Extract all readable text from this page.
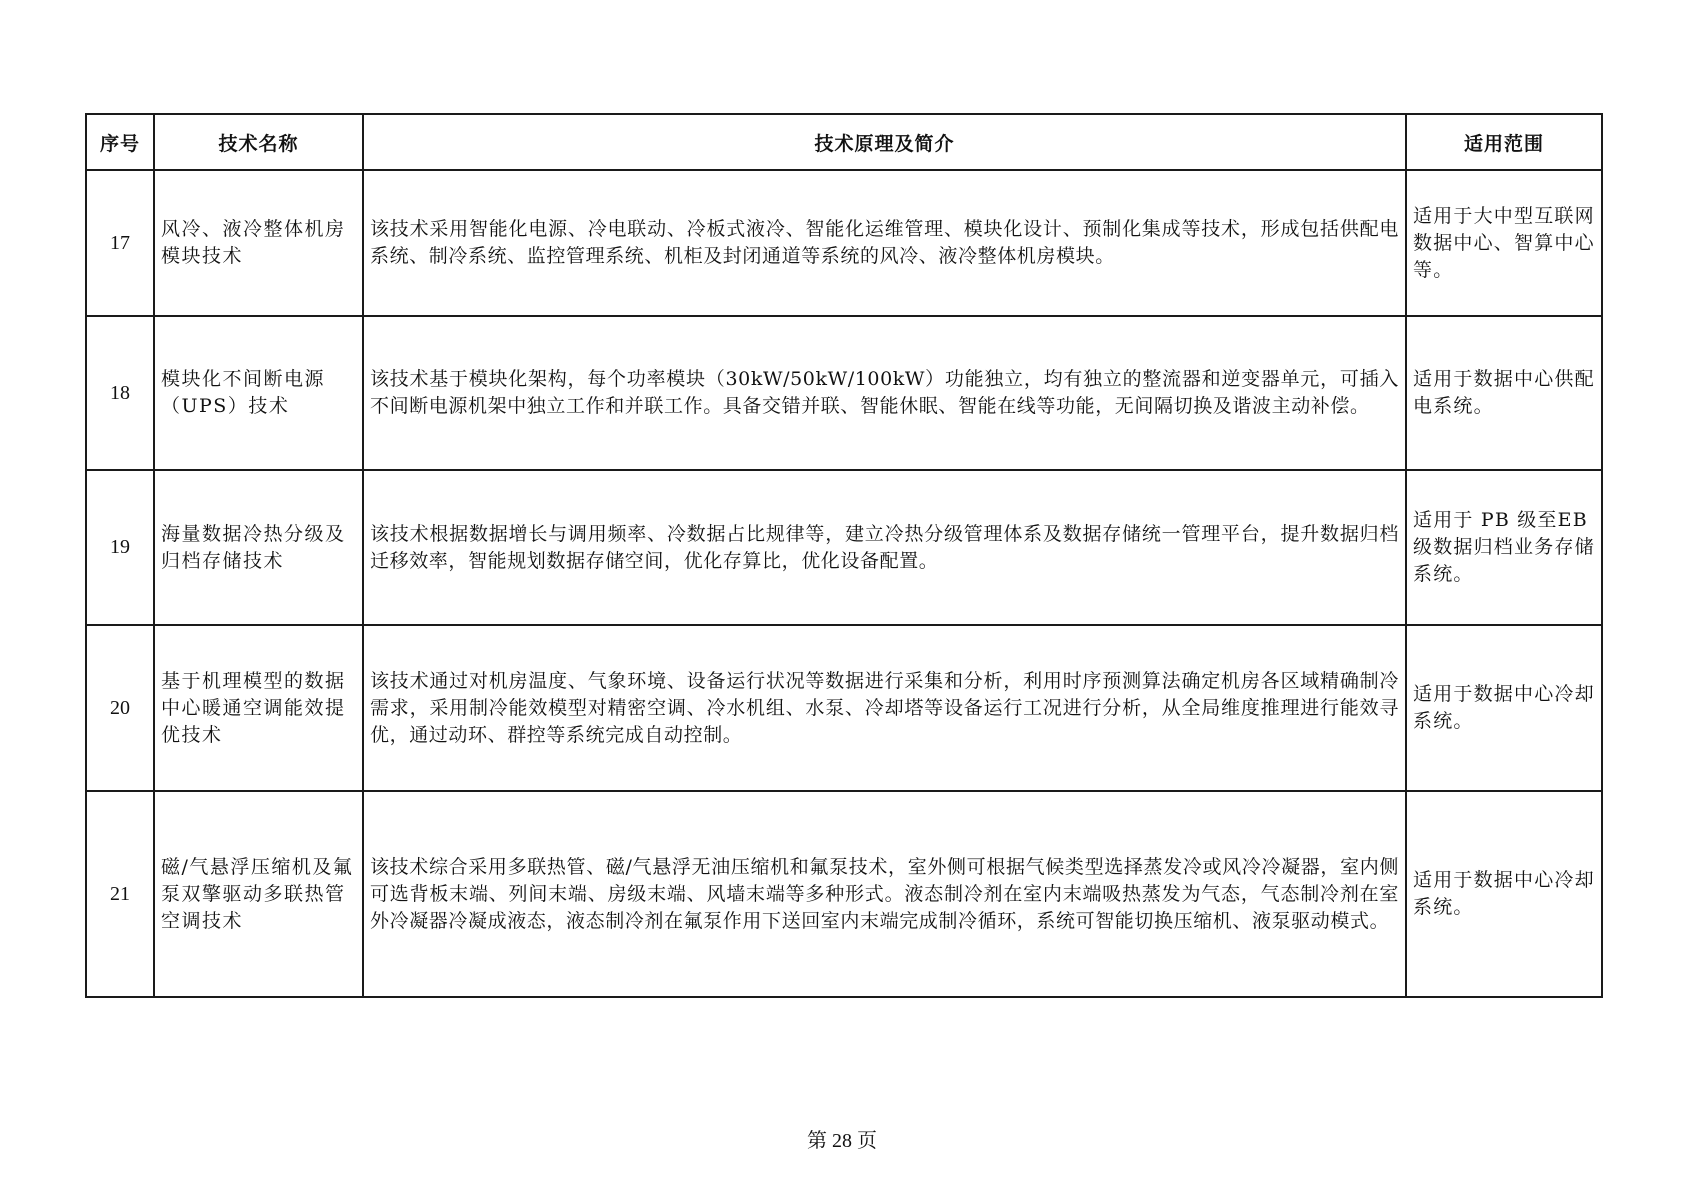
序号	技术名称	技术原理及简介	适用范围
17	风冷、液冷整体机房模块技术	该技术采用智能化电源、冷电联动、冷板式液冷、智能化运维管理、模块化设计、预制化集成等技术，形成包括供配电系统、制冷系统、监控管理系统、机柜及封闭通道等系统的风冷、液冷整体机房模块。	适用于大中型互联网数据中心、智算中心等。
18	模块化不间断电源（UPS）技术	该技术基于模块化架构，每个功率模块（30kW/50kW/100kW）功能独立，均有独立的整流器和逆变器单元，可插入不间断电源机架中独立工作和并联工作。具备交错并联、智能休眠、智能在线等功能，无间隔切换及谐波主动补偿。	适用于数据中心供配电系统。
19	海量数据冷热分级及归档存储技术	该技术根据数据增长与调用频率、冷数据占比规律等，建立冷热分级管理体系及数据存储统一管理平台，提升数据归档迁移效率，智能规划数据存储空间，优化存算比，优化设备配置。	适用于 PB 级至EB 级数据归档业务存储系统。
20	基于机理模型的数据中心暖通空调能效提优技术	该技术通过对机房温度、气象环境、设备运行状况等数据进行采集和分析，利用时序预测算法确定机房各区域精确制冷需求，采用制冷能效模型对精密空调、冷水机组、水泵、冷却塔等设备运行工况进行分析，从全局维度推理进行能效寻优，通过动环、群控等系统完成自动控制。	适用于数据中心冷却系统。
21	磁/气悬浮压缩机及氟泵双擎驱动多联热管空调技术	该技术综合采用多联热管、磁/气悬浮无油压缩机和氟泵技术，室外侧可根据气候类型选择蒸发冷或风冷冷凝器，室内侧可选背板末端、列间末端、房级末端、风墙末端等多种形式。液态制冷剂在室内末端吸热蒸发为气态，气态制冷剂在室外冷凝器冷凝成液态，液态制冷剂在氟泵作用下送回室内末端完成制冷循环，系统可智能切换压缩机、液泵驱动模式。	适用于数据中心冷却系统。
第 28 页
